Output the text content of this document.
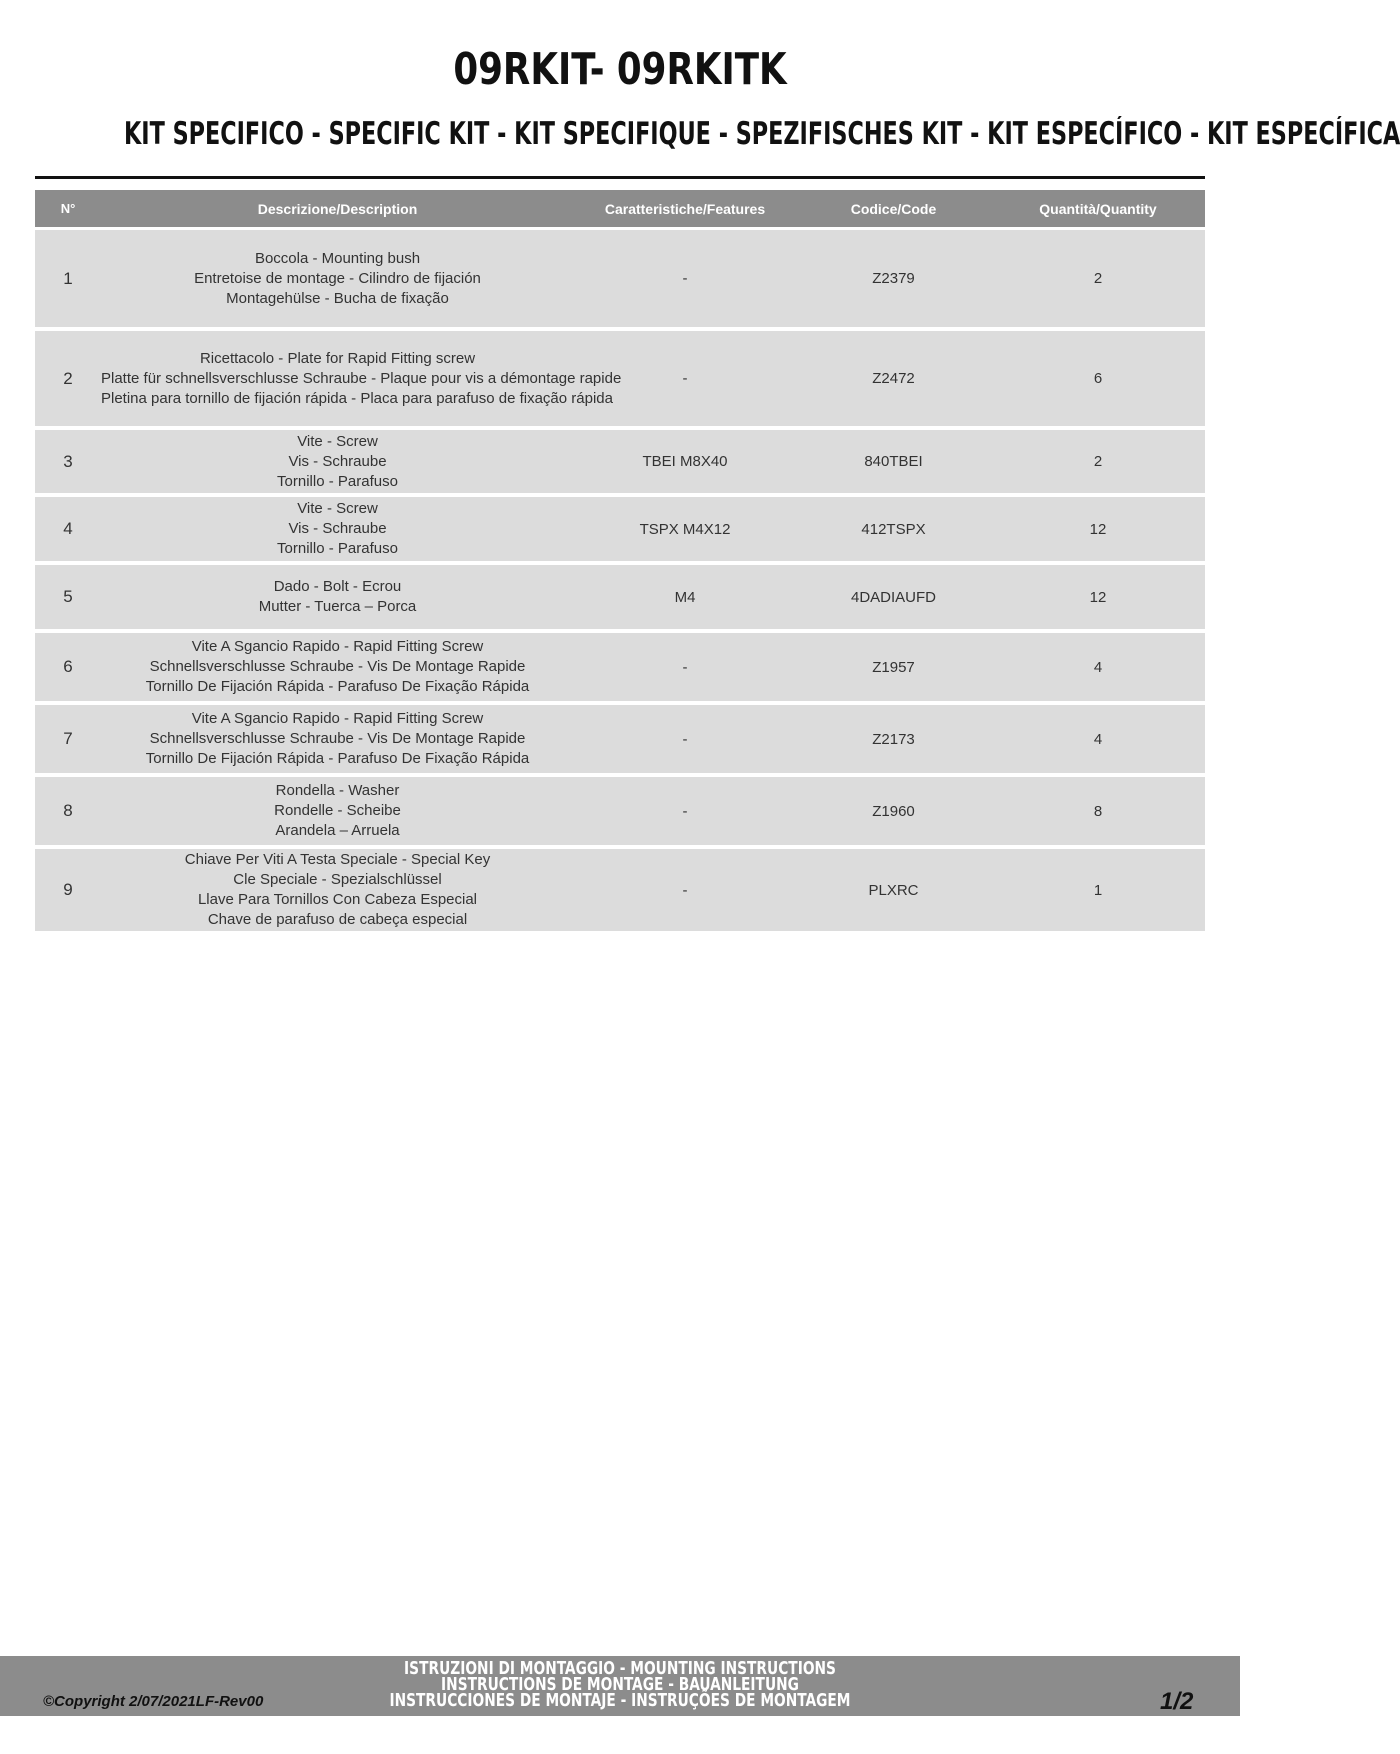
09RKIT- 09RKITK
KIT SPECIFICO - SPECIFIC KIT - KIT SPECIFIQUE - SPEZIFISCHES KIT - KIT ESPECÍFICO - KIT ESPECÍFICA
N°	Descrizione/Description	Caratteristiche/Features	Codice/Code	Quantità/Quantity
1
Boccola - Mounting bush
Entretoise de montage - Cilindro de fijación
Montagehülse - Bucha de fixação
-	Z2379	2
2
Ricettacolo - Plate for Rapid Fitting screw
Platte für schnellsverschlusse Schraube - Plaque pour vis a démontage rapide
Pletina para tornillo de fijación rápida - Placa para parafuso de fixação rápida
-	Z2472	6
3
Vite - Screw
Vis - Schraube
Tornillo - Parafuso
TBEI M8X40	840TBEI	2
4
Vite - Screw
Vis - Schraube
Tornillo - Parafuso
TSPX M4X12	412TSPX	12
5
Dado - Bolt - Ecrou
Mutter - Tuerca – Porca
M4	4DADIAUFD	12
6
Vite A Sgancio Rapido - Rapid Fitting Screw
Schnellsverschlusse Schraube - Vis De Montage Rapide
Tornillo De Fijación Rápida - Parafuso De Fixação Rápida
-	Z1957	4
7
Vite A Sgancio Rapido - Rapid Fitting Screw
Schnellsverschlusse Schraube - Vis De Montage Rapide
Tornillo De Fijación Rápida - Parafuso De Fixação Rápida
-	Z2173	4
8
Rondella - Washer
Rondelle - Scheibe
Arandela – Arruela
-	Z1960	8
9
Chiave Per Viti A Testa Speciale - Special Key
Cle Speciale - Spezialschlüssel
Llave Para Tornillos Con Cabeza Especial
Chave de parafuso de cabeça especial
-	PLXRC	1
ISTRUZIONI DI MONTAGGIO - MOUNTING INSTRUCTIONS
INSTRUCTIONS DE MONTAGE - BAUANLEITUNG
INSTRUCCIONES DE MONTAJE - INSTRUÇÕES DE MONTAGEM
©Copyright 2/07/2021LF-Rev00	1/2
